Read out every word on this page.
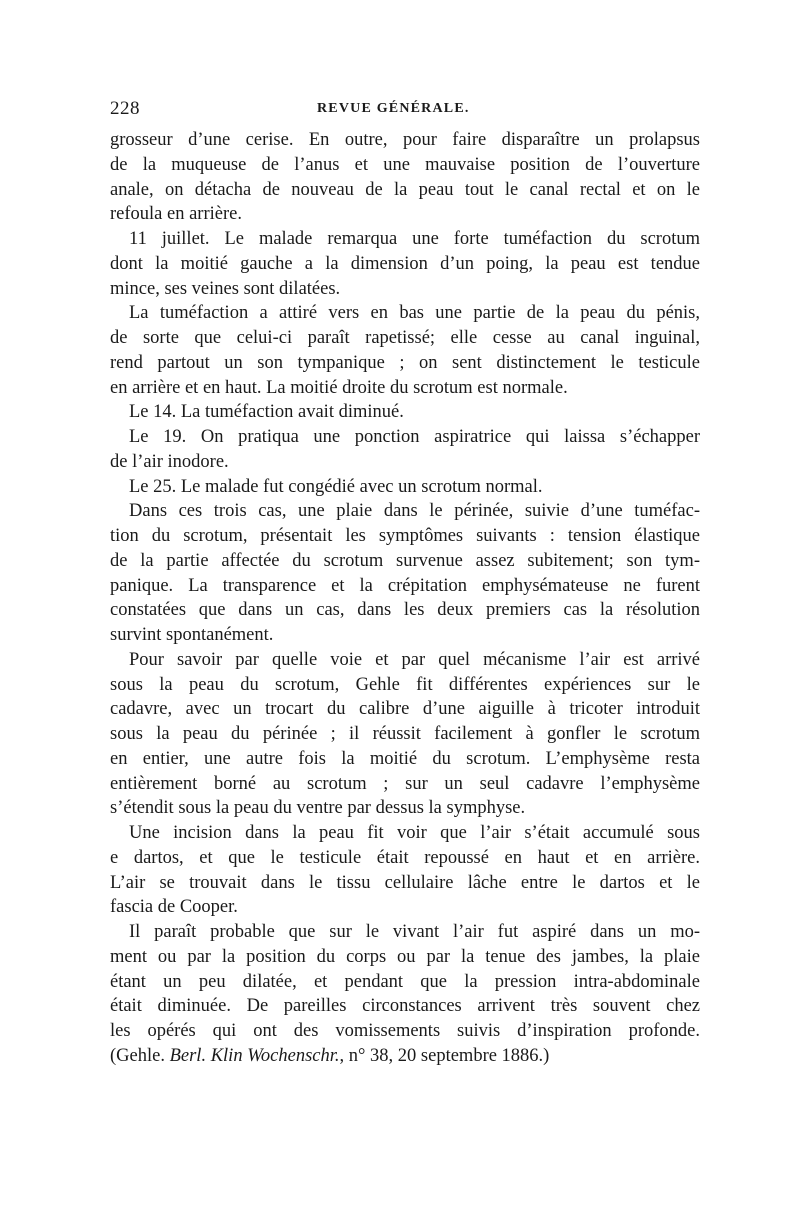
228	REVUE GÉNÉRALE.
grosseur d’une cerise. En outre, pour faire disparaître un prolapsus
de la muqueuse de l’anus et une mauvaise position de l’ouverture
anale, on détacha de nouveau de la peau tout le canal rectal et on le
refoula en arrière.
11 juillet. Le malade remarqua une forte tuméfaction du scrotum
dont la moitié gauche a la dimension d’un poing, la peau est tendue
mince, ses veines sont dilatées.
La tuméfaction a attiré vers en bas une partie de la peau du pénis,
de sorte que celui-ci paraît rapetissé; elle cesse au canal inguinal,
rend partout un son tympanique ; on sent distinctement le testicule
en arrière et en haut. La moitié droite du scrotum est normale.
Le 14. La tuméfaction avait diminué.
Le 19. On pratiqua une ponction aspiratrice qui laissa s’échapper
de l’air inodore.
Le 25. Le malade fut congédié avec un scrotum normal.
Dans ces trois cas, une plaie dans le périnée, suivie d’une tuméfac-
tion du scrotum, présentait les symptômes suivants : tension élastique
de la partie affectée du scrotum survenue assez subitement; son tym-
panique. La transparence et la crépitation emphysémateuse ne furent
constatées que dans un cas, dans les deux premiers cas la résolution
survint spontanément.
Pour savoir par quelle voie et par quel mécanisme l’air est arrivé
sous la peau du scrotum, Gehle fit différentes expériences sur le
cadavre, avec un trocart du calibre d’une aiguille à tricoter introduit
sous la peau du périnée ; il réussit facilement à gonfler le scrotum
en entier, une autre fois la moitié du scrotum. L’emphysème resta
entièrement borné au scrotum ; sur un seul cadavre l’emphysème
s’étendit sous la peau du ventre par dessus la symphyse.
Une incision dans la peau fit voir que l’air s’était accumulé sous
e dartos, et que le testicule était repoussé en haut et en arrière.
L’air se trouvait dans le tissu cellulaire lâche entre le dartos et le
fascia de Cooper.
Il paraît probable que sur le vivant l’air fut aspiré dans un mo-
ment ou par la position du corps ou par la tenue des jambes, la plaie
étant un peu dilatée, et pendant que la pression intra-abdominale
était diminuée. De pareilles circonstances arrivent très souvent chez
les opérés qui ont des vomissements suivis d’inspiration profonde.
(Gehle. Berl. Klin Wochenschr., n° 38, 20 septembre 1886.)
